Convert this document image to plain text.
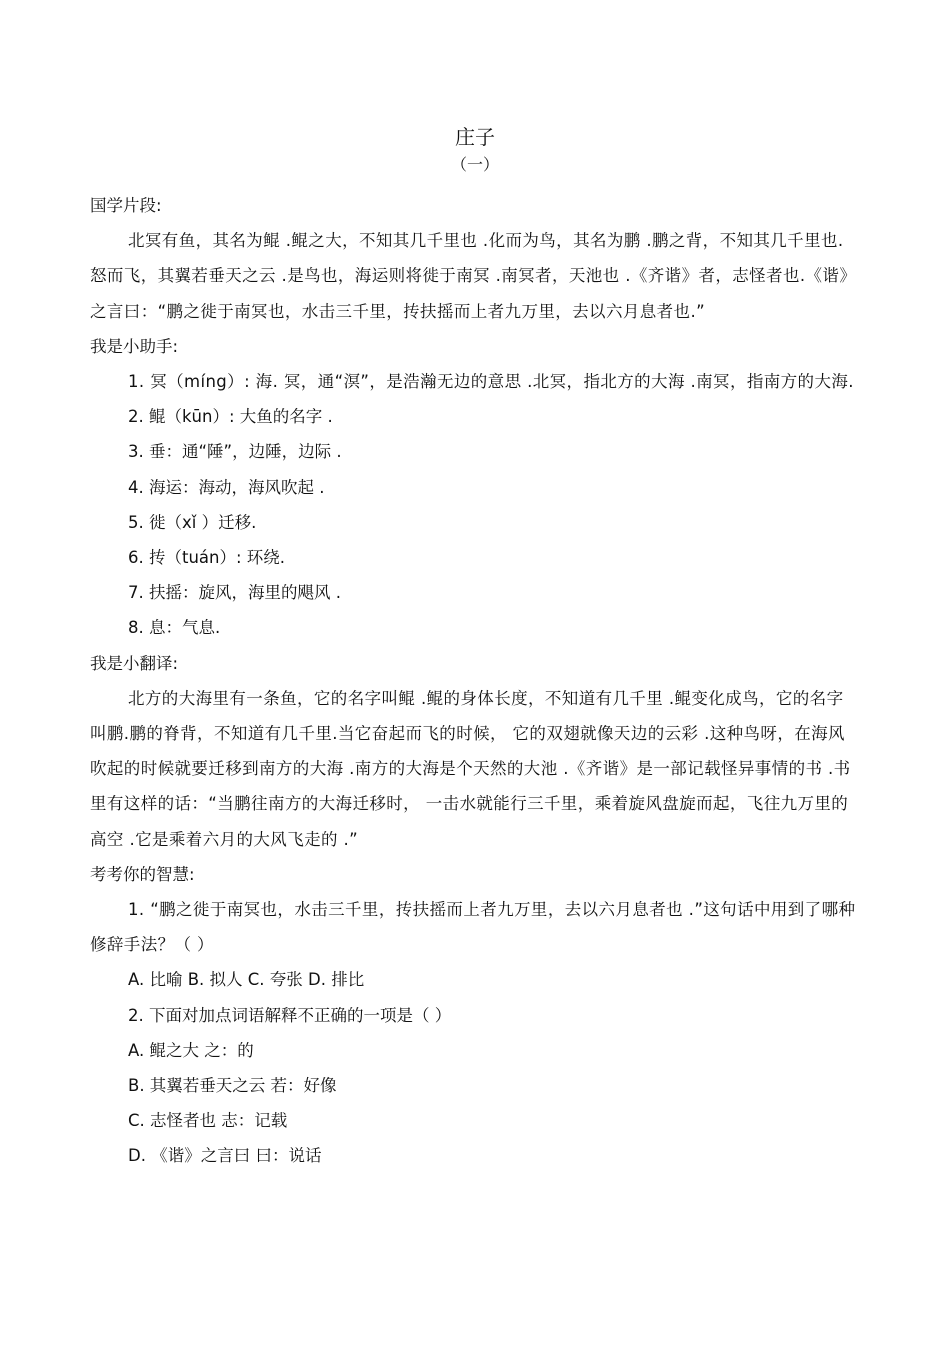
庄子
（一）
国学片段:
北冥有鱼，其名为鲲 .鲲之大，不知其几千里也 .化而为鸟，其名为鹏 .鹏之背，不知其几千里也.怒而飞，其翼若垂天之云 .是鸟也，海运则将徙于南冥 .南冥者，天池也 .《齐谐》者，志怪者也.《谐》之言曰：“鹏之徙于南冥也，水击三千里，抟扶摇而上者九万里，去以六月息者也.”
我是小助手:
1. 冥（míng）: 海. 冥，通“溟”，是浩瀚无边的意思 .北冥，指北方的大海 .南冥，指南方的大海.
2. 鲲（kūn）: 大鱼的名字 .
3. 垂：通“陲”，边陲，边际 .
4. 海运：海动，海风吹起 .
5. 徙（xǐ ）迁移.
6. 抟（tuán）: 环绕.
7. 扶摇：旋风，海里的飓风 .
8. 息：气息.
我是小翻译:
北方的大海里有一条鱼，它的名字叫鲲 .鲲的身体长度，不知道有几千里 .鲲变化成鸟，它的名字叫鹏.鹏的脊背，不知道有几千里.当它奋起而飞的时候， 它的双翅就像天边的云彩 .这种鸟呀，在海风吹起的时候就要迁移到南方的大海 .南方的大海是个天然的大池 .《齐谐》是一部记载怪异事情的书 .书里有这样的话：“当鹏往南方的大海迁移时， 一击水就能行三千里，乘着旋风盘旋而起，飞往九万里的高空 .它是乘着六月的大风飞走的 .”
考考你的智慧:
1. “鹏之徙于南冥也，水击三千里，抟扶摇而上者九万里，去以六月息者也 .”这句话中用到了哪种修辞手法？（ ）
A. 比喻 B. 拟人 C. 夸张 D. 排比
2. 下面对加点词语解释不正确的一项是（ ）
A. 鲲之大 之：的
B. 其翼若垂天之云 若：好像
C. 志怪者也 志：记载
D. 《谐》之言曰 曰：说话
